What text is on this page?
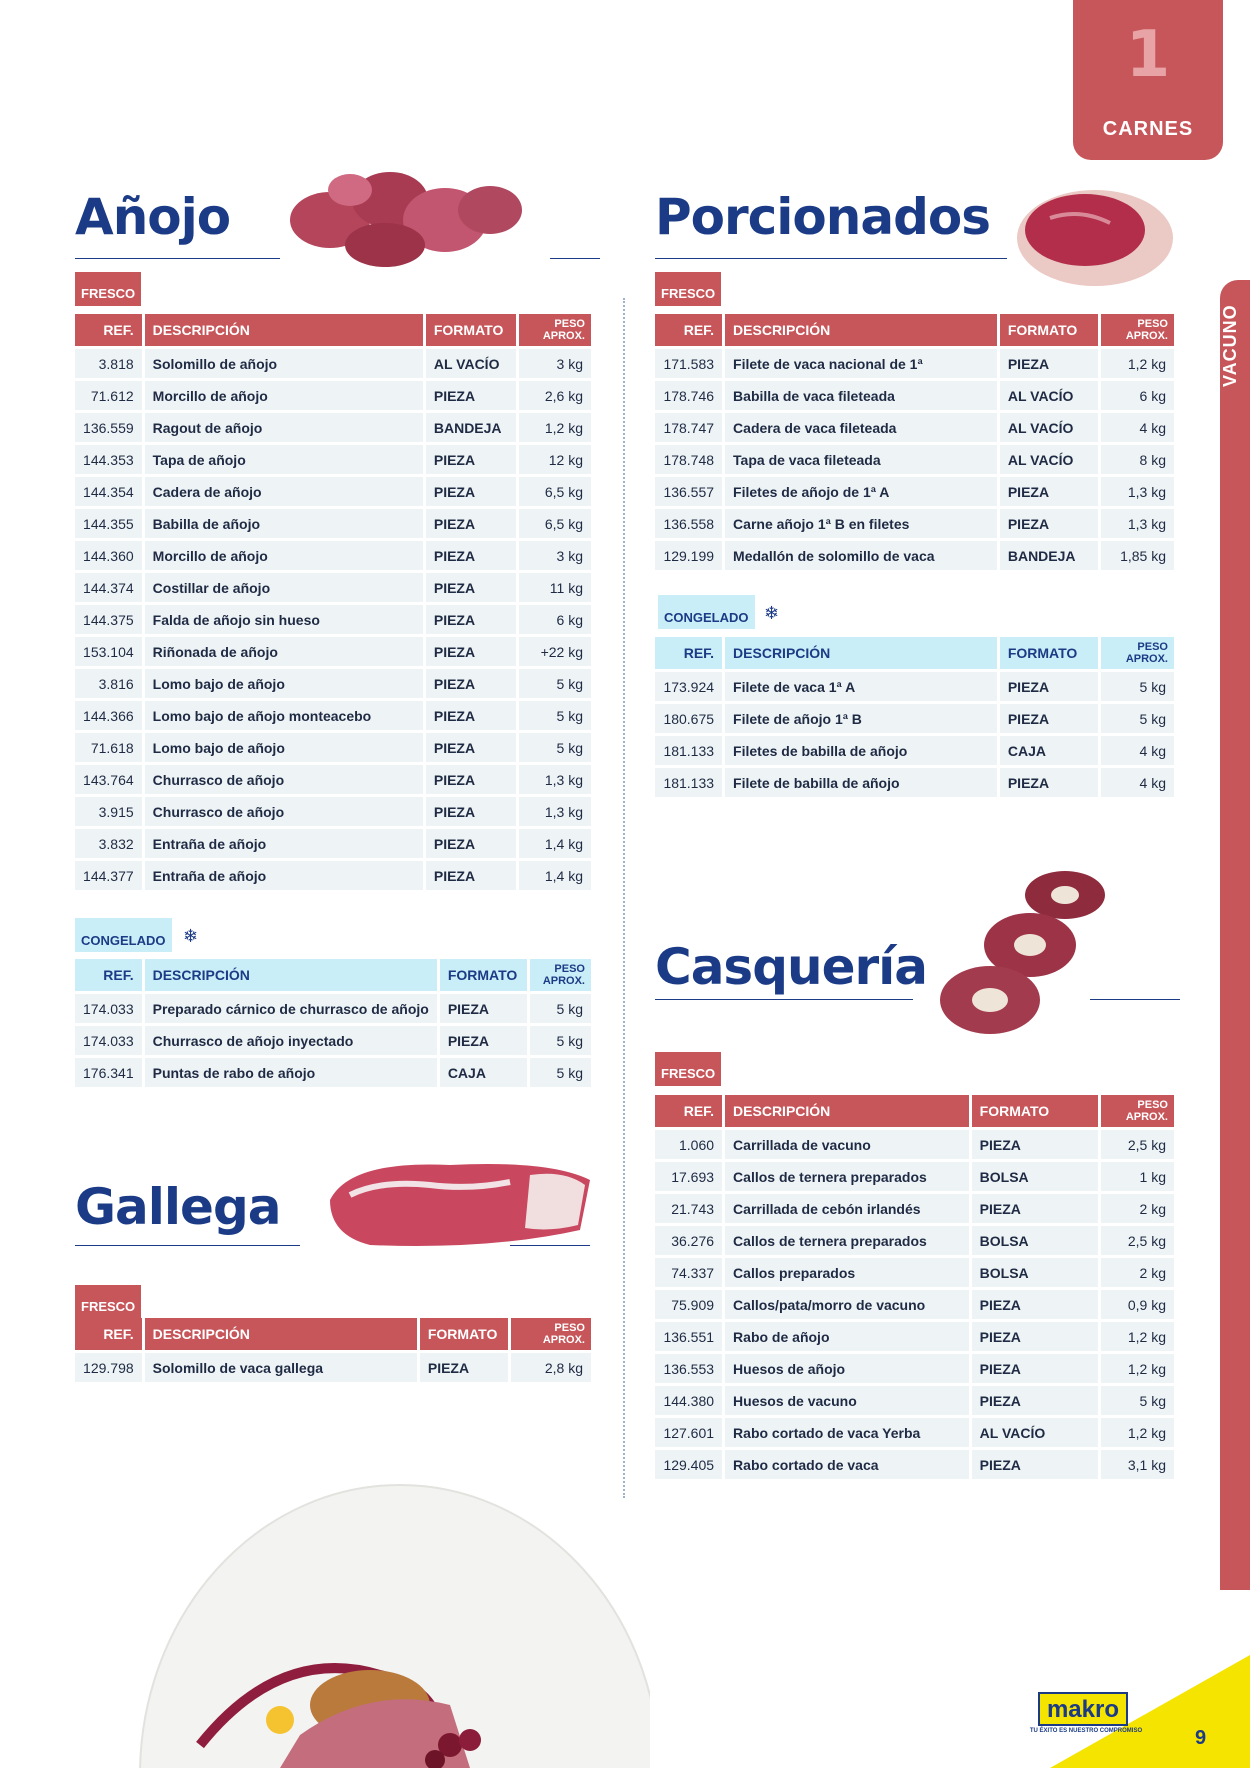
1
CARNES
VACUNO
Añojo
FRESCO
REF.	DESCRIPCIÓN	FORMATO	PESO APROX.
3.818	Solomillo de añojo	AL VACÍO	3 kg
71.612	Morcillo de añojo	PIEZA	2,6 kg
136.559	Ragout de añojo	BANDEJA	1,2 kg
144.353	Tapa de añojo	PIEZA	12 kg
144.354	Cadera de añojo	PIEZA	6,5 kg
144.355	Babilla de añojo	PIEZA	6,5 kg
144.360	Morcillo de añojo	PIEZA	3 kg
144.374	Costillar de añojo	PIEZA	11 kg
144.375	Falda de añojo sin hueso	PIEZA	6 kg
153.104	Riñonada de añojo	PIEZA	+22 kg
3.816	Lomo bajo de añojo	PIEZA	5 kg
144.366	Lomo bajo de añojo monteacebo	PIEZA	5 kg
71.618	Lomo bajo de añojo	PIEZA	5 kg
143.764	Churrasco de añojo	PIEZA	1,3 kg
3.915	Churrasco de añojo	PIEZA	1,3 kg
3.832	Entraña de añojo	PIEZA	1,4 kg
144.377	Entraña de añojo	PIEZA	1,4 kg
CONGELADO ❄
REF.	DESCRIPCIÓN	FORMATO	PESO APROX.
174.033	Preparado cárnico de churrasco de añojo	PIEZA	5 kg
174.033	Churrasco de añojo inyectado	PIEZA	5 kg
176.341	Puntas de rabo de añojo	CAJA	5 kg
Gallega
FRESCO
REF.	DESCRIPCIÓN	FORMATO	PESO APROX.
129.798	Solomillo de vaca gallega	PIEZA	2,8 kg
Porcionados
FRESCO
REF.	DESCRIPCIÓN	FORMATO	PESO APROX.
171.583	Filete de vaca nacional de 1ª	PIEZA	1,2 kg
178.746	Babilla de vaca fileteada	AL VACÍO	6 kg
178.747	Cadera de vaca fileteada	AL VACÍO	4 kg
178.748	Tapa de vaca fileteada	AL VACÍO	8 kg
136.557	Filetes de añojo de 1ª A	PIEZA	1,3 kg
136.558	Carne añojo 1ª B en filetes	PIEZA	1,3 kg
129.199	Medallón de solomillo de vaca	BANDEJA	1,85 kg
CONGELADO ❄
REF.	DESCRIPCIÓN	FORMATO	PESO APROX.
173.924	Filete de vaca 1ª A	PIEZA	5 kg
180.675	Filete de añojo 1ª B	PIEZA	5 kg
181.133	Filetes de babilla de añojo	CAJA	4 kg
181.133	Filete de babilla de añojo	PIEZA	4 kg
Casquería
FRESCO
REF.	DESCRIPCIÓN	FORMATO	PESO APROX.
1.060	Carrillada de vacuno	PIEZA	2,5 kg
17.693	Callos de ternera preparados	BOLSA	1 kg
21.743	Carrillada de cebón irlandés	PIEZA	2 kg
36.276	Callos de ternera preparados	BOLSA	2,5 kg
74.337	Callos preparados	BOLSA	2 kg
75.909	Callos/pata/morro de vacuno	PIEZA	0,9 kg
136.551	Rabo de añojo	PIEZA	1,2 kg
136.553	Huesos de añojo	PIEZA	1,2 kg
144.380	Huesos de vacuno	PIEZA	5 kg
127.601	Rabo cortado de vaca Yerba	AL VACÍO	1,2 kg
129.405	Rabo cortado de vaca	PIEZA	3,1 kg
makro
TU ÉXITO ES NUESTRO COMPROMISO	9
